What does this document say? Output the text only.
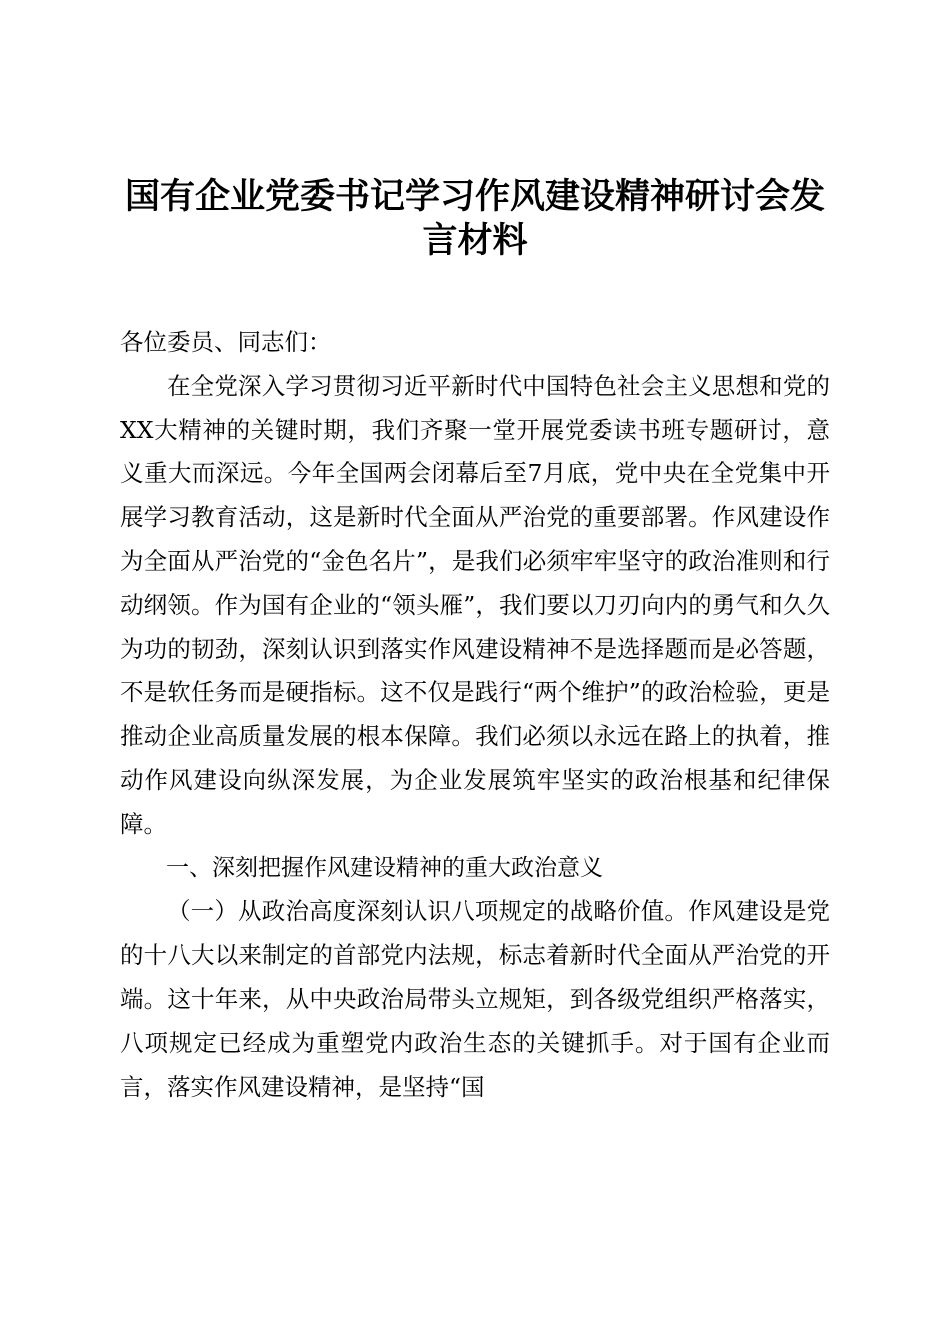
国有企业党委书记学习作风建设精神研讨会发言材料

各位委员、同志们：

在全党深入学习贯彻习近平新时代中国特色社会主义思想和党的XX大精神的关键时期，我们齐聚一堂开展党委读书班专题研讨，意义重大而深远。今年全国两会闭幕后至7月底，党中央在全党集中开展学习教育活动，这是新时代全面从严治党的重要部署。作风建设作为全面从严治党的“金色名片”，是我们必须牢牢坚守的政治准则和行动纲领。作为国有企业的“领头雁”，我们要以刀刃向内的勇气和久久为功的韧劲，深刻认识到落实作风建设精神不是选择题而是必答题，不是软任务而是硬指标。这不仅是践行“两个维护”的政治检验，更是推动企业高质量发展的根本保障。我们必须以永远在路上的执着，推动作风建设向纵深发展，为企业发展筑牢坚实的政治根基和纪律保障。

一、深刻把握作风建设精神的重大政治意义

（一）从政治高度深刻认识八项规定的战略价值。作风建设是党的十八大以来制定的首部党内法规，标志着新时代全面从严治党的开端。这十年来，从中央政治局带头立规矩，到各级党组织严格落实，八项规定已经成为重塑党内政治生态的关键抓手。对于国有企业而言，落实作风建设精神，是坚持“国
